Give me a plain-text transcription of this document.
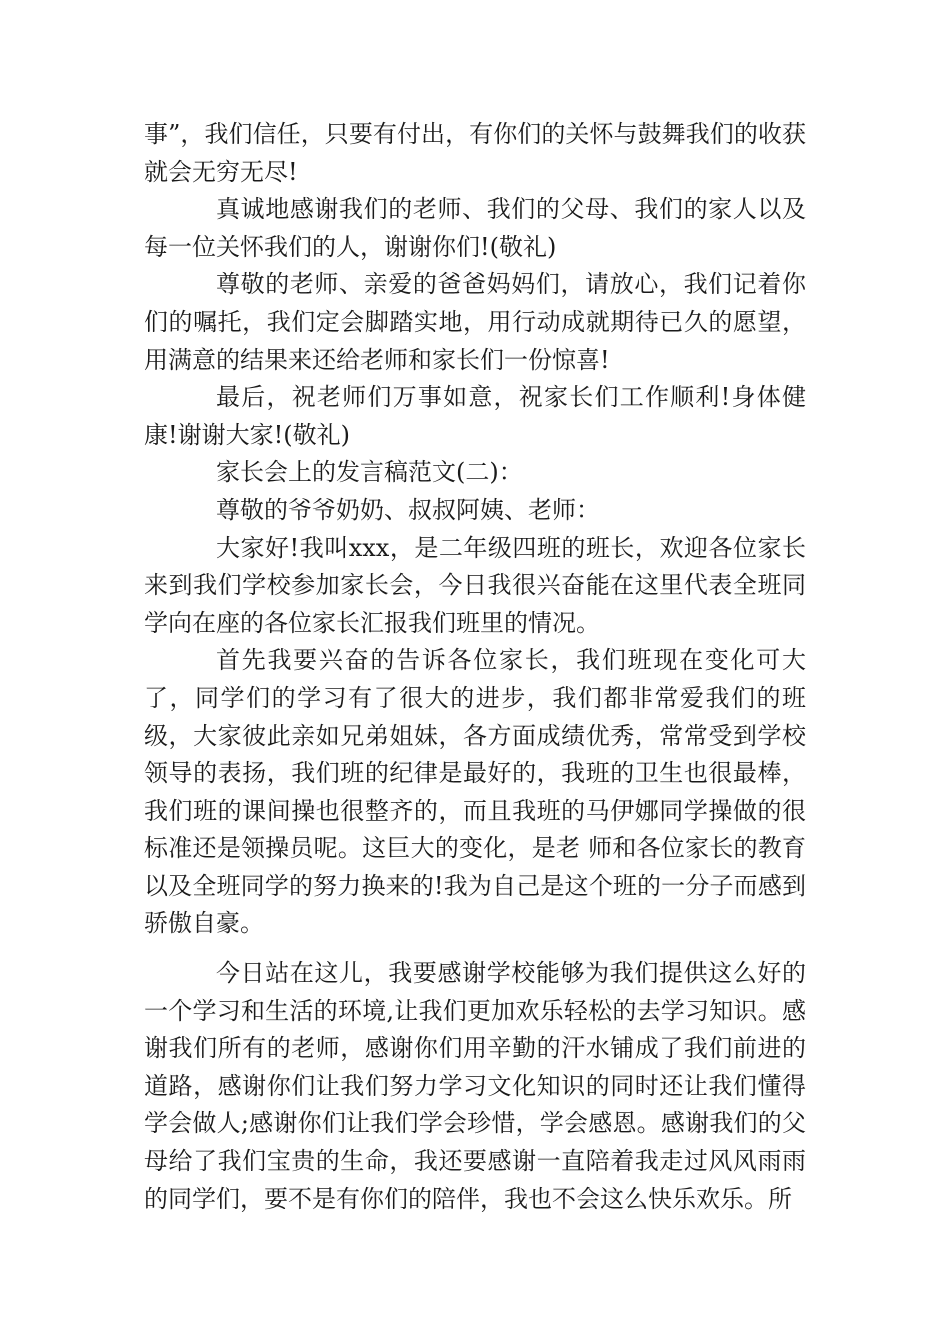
事”，我们信任，只要有付出，有你们的关怀与鼓舞我们的收获就会无穷无尽!

真诚地感谢我们的老师、我们的父母、我们的家人以及每一位关怀我们的人，谢谢你们!(敬礼)

尊敬的老师、亲爱的爸爸妈妈们，请放心，我们记着你们的嘱托，我们定会脚踏实地，用行动成就期待已久的愿望，用满意的结果来还给老师和家长们一份惊喜!

最后，祝老师们万事如意，祝家长们工作顺利!身体健康!谢谢大家!(敬礼)

家长会上的发言稿范文(二)：

尊敬的爷爷奶奶、叔叔阿姨、老师：

大家好!我叫xxx，是二年级四班的班长，欢迎各位家长来到我们学校参加家长会，今日我很兴奋能在这里代表全班同学向在座的各位家长汇报我们班里的情况。

首先我要兴奋的告诉各位家长，我们班现在变化可大了，同学们的学习有了很大的进步，我们都非常爱我们的班级，大家彼此亲如兄弟姐妹，各方面成绩优秀，常常受到学校领导的表扬，我们班的纪律是最好的，我班的卫生也很最棒，我们班的课间操也很整齐的，而且我班的马伊娜同学操做的很标准还是领操员呢。这巨大的变化，是老 师和各位家长的教育以及全班同学的努力换来的!我为自己是这个班的一分子而感到骄傲自豪。

今日站在这儿，我要感谢学校能够为我们提供这么好的一个学习和生活的环境,让我们更加欢乐轻松的去学习知识。感谢我们所有的老师，感谢你们用辛勤的汗水铺成了我们前进的道路，感谢你们让我们努力学习文化知识的同时还让我们懂得学会做人;感谢你们让我们学会珍惜，学会感恩。感谢我们的父母给了我们宝贵的生命，我还要感谢一直陪着我走过风风雨雨的同学们，要不是有你们的陪伴，我也不会这么快乐欢乐。所
